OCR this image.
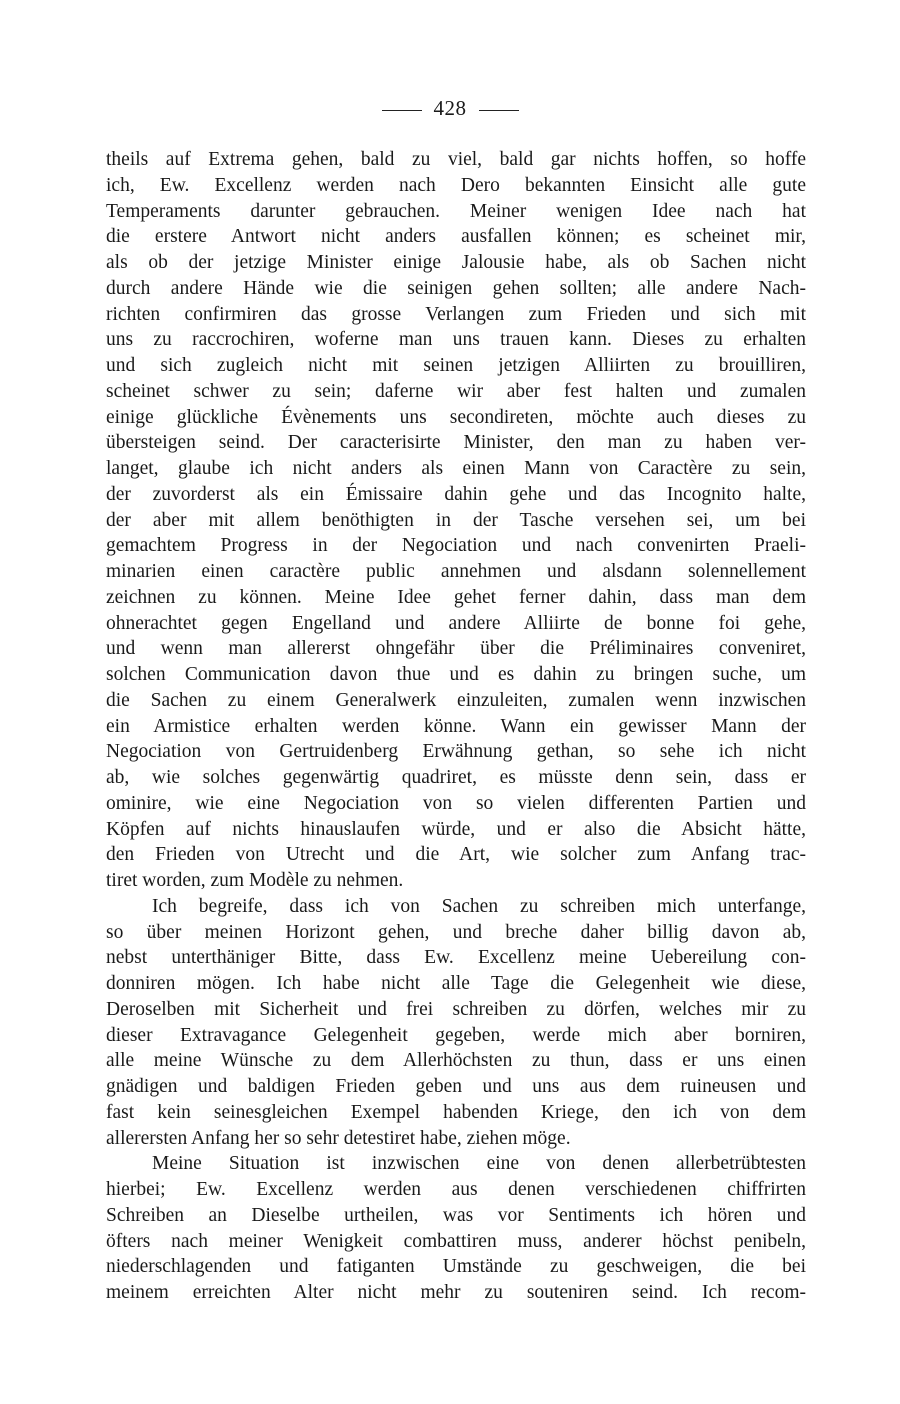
428
theils auf Extrema gehen, bald zu viel, bald gar nichts hoffen, so hoffe
ich, Ew. Excellenz werden nach Dero bekannten Einsicht alle gute
Temperaments darunter gebrauchen. Meiner wenigen Idee nach hat
die erstere Antwort nicht anders ausfallen können; es scheinet mir,
als ob der jetzige Minister einige Jalousie habe, als ob Sachen nicht
durch andere Hände wie die seinigen gehen sollten; alle andere Nach-
richten confirmiren das grosse Verlangen zum Frieden und sich mit
uns zu raccrochiren, woferne man uns trauen kann. Dieses zu erhalten
und sich zugleich nicht mit seinen jetzigen Alliirten zu brouilliren,
scheinet schwer zu sein; daferne wir aber fest halten und zumalen
einige glückliche Évènements uns secondireten, möchte auch dieses zu
übersteigen seind. Der caracterisirte Minister, den man zu haben ver-
langet, glaube ich nicht anders als einen Mann von Caractère zu sein,
der zuvorderst als ein Émissaire dahin gehe und das Incognito halte,
der aber mit allem benöthigten in der Tasche versehen sei, um bei
gemachtem Progress in der Negociation und nach convenirten Praeli-
minarien einen caractère public annehmen und alsdann solennellement
zeichnen zu können. Meine Idee gehet ferner dahin, dass man dem
ohnerachtet gegen Engelland und andere Alliirte de bonne foi gehe,
und wenn man allererst ohngefähr über die Préliminaires conveniret,
solchen Communication davon thue und es dahin zu bringen suche, um
die Sachen zu einem Generalwerk einzuleiten, zumalen wenn inzwischen
ein Armistice erhalten werden könne. Wann ein gewisser Mann der
Negociation von Gertruidenberg Erwähnung gethan, so sehe ich nicht
ab, wie solches gegenwärtig quadriret, es müsste denn sein, dass er
ominire, wie eine Negociation von so vielen differenten Partien und
Köpfen auf nichts hinauslaufen würde, und er also die Absicht hätte,
den Frieden von Utrecht und die Art, wie solcher zum Anfang trac-
tiret worden, zum Modèle zu nehmen.
Ich begreife, dass ich von Sachen zu schreiben mich unterfange,
so über meinen Horizont gehen, und breche daher billig davon ab,
nebst unterthäniger Bitte, dass Ew. Excellenz meine Uebereilung con-
donniren mögen. Ich habe nicht alle Tage die Gelegenheit wie diese,
Deroselben mit Sicherheit und frei schreiben zu dörfen, welches mir zu
dieser Extravagance Gelegenheit gegeben, werde mich aber borniren,
alle meine Wünsche zu dem Allerhöchsten zu thun, dass er uns einen
gnädigen und baldigen Frieden geben und uns aus dem ruineusen und
fast kein seinesgleichen Exempel habenden Kriege, den ich von dem
allerersten Anfang her so sehr detestiret habe, ziehen möge.
Meine Situation ist inzwischen eine von denen allerbetrübtesten
hierbei; Ew. Excellenz werden aus denen verschiedenen chiffrirten
Schreiben an Dieselbe urtheilen, was vor Sentiments ich hören und
öfters nach meiner Wenigkeit combattiren muss, anderer höchst penibeln,
niederschlagenden und fatiganten Umstände zu geschweigen, die bei
meinem erreichten Alter nicht mehr zu souteniren seind. Ich recom-
